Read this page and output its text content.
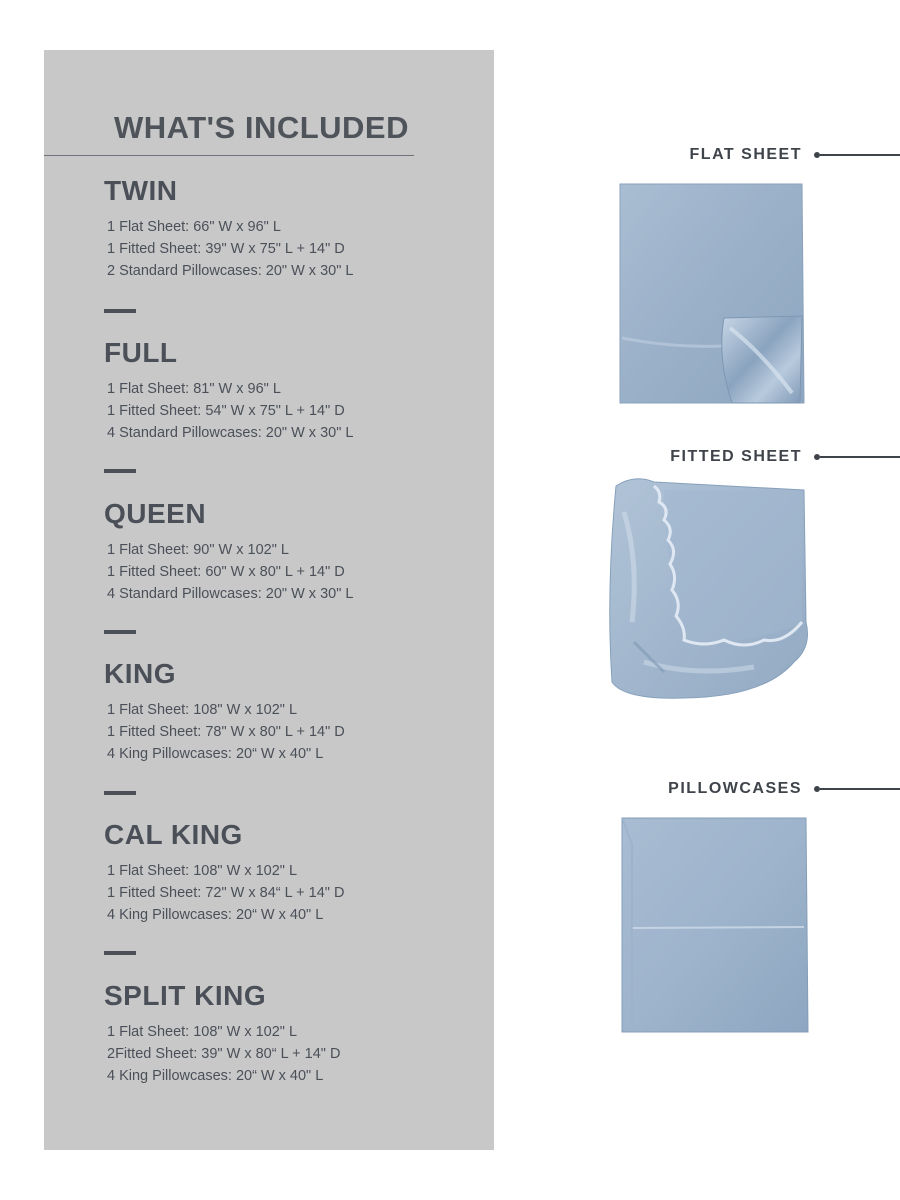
WHAT'S INCLUDED
TWIN

1 Flat Sheet: 66" W x 96" L

1 Fitted Sheet: 39" W x 75" L + 14" D

2 Standard Pillowcases: 20" W x 30" L

FULL

1 Flat Sheet: 81" W x 96" L

1 Fitted Sheet: 54" W x 75" L + 14" D

4 Standard Pillowcases: 20" W x 30" L

QUEEN

1 Flat Sheet: 90" W x 102" L

1 Fitted Sheet: 60" W x 80" L + 14" D

4 Standard Pillowcases: 20" W x 30" L

KING

1 Flat Sheet: 108" W x 102" L

1 Fitted Sheet: 78" W x 80" L + 14" D

4 King Pillowcases: 20“ W x 40" L

CAL KING

1 Flat Sheet: 108" W x 102" L

1 Fitted Sheet: 72" W x 84“ L + 14" D

4 King Pillowcases: 20“ W x 40" L

SPLIT KING

1 Flat Sheet: 108" W x 102" L

2Fitted Sheet: 39" W x 80“ L + 14" D

4 King Pillowcases: 20“ W x 40" L

FLAT SHEET
FITTED SHEET
PILLOWCASES
